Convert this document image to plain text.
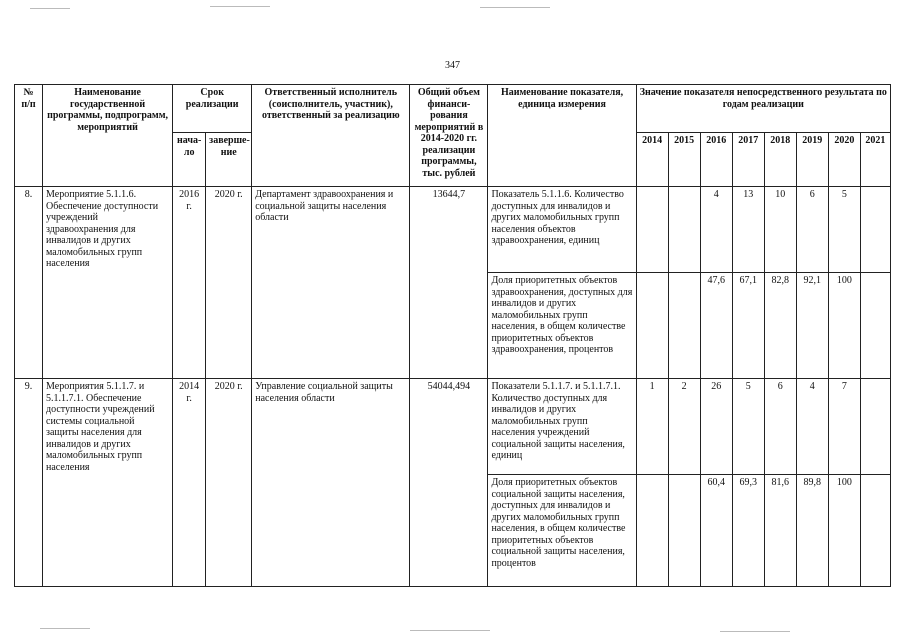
347
№ п/п	Наименование государственной программы, подпрограмм, мероприятий	Срок реализации		Ответственный исполнитель (соисполнитель, участник), ответственный за реализацию	Общий объем финанси-рования мероприятий в 2014-2020 гг. реализации программы, тыс. рублей	Наименование показателя, единица измерения	Значение показателя непосредственного результата по годам реализации							
		нача-ло	заверше-ние				2014	2015	2016	2017	2018	2019	2020	2021
8.	Мероприятие 5.1.1.6. Обеспечение доступности учреждений здравоохранения для инвалидов и других маломобильных групп населения	2016 г.	2020 г.	Департамент здравоохранения и социальной защиты населения области	13644,7	Показатель 5.1.1.6. Количество доступных для инвалидов и других маломобильных групп населения объектов здравоохранения, единиц			4	13	10	6	5	
						Доля приоритетных объектов здравоохранения, доступных для инвалидов и других маломобильных групп населения, в общем количестве приоритетных объектов здравоохранения, процентов			47,6	67,1	82,8	92,1	100	
9.	Мероприятия 5.1.1.7. и 5.1.1.7.1. Обеспечение доступности учреждений системы социальной защиты населения для инвалидов и других маломобильных групп населения	2014 г.	2020 г.	Управление социальной защиты населения области	54044,494	Показатели 5.1.1.7. и 5.1.1.7.1. Количество доступных для инвалидов и других маломобильных групп населения учреждений социальной защиты населения, единиц	1	2	26	5	6	4	7	
						Доля приоритетных объектов социальной защиты населения, доступных для инвалидов и других маломобильных групп населения, в общем количестве приоритетных объектов социальной защиты населения, процентов			60,4	69,3	81,6	89,8	100	
